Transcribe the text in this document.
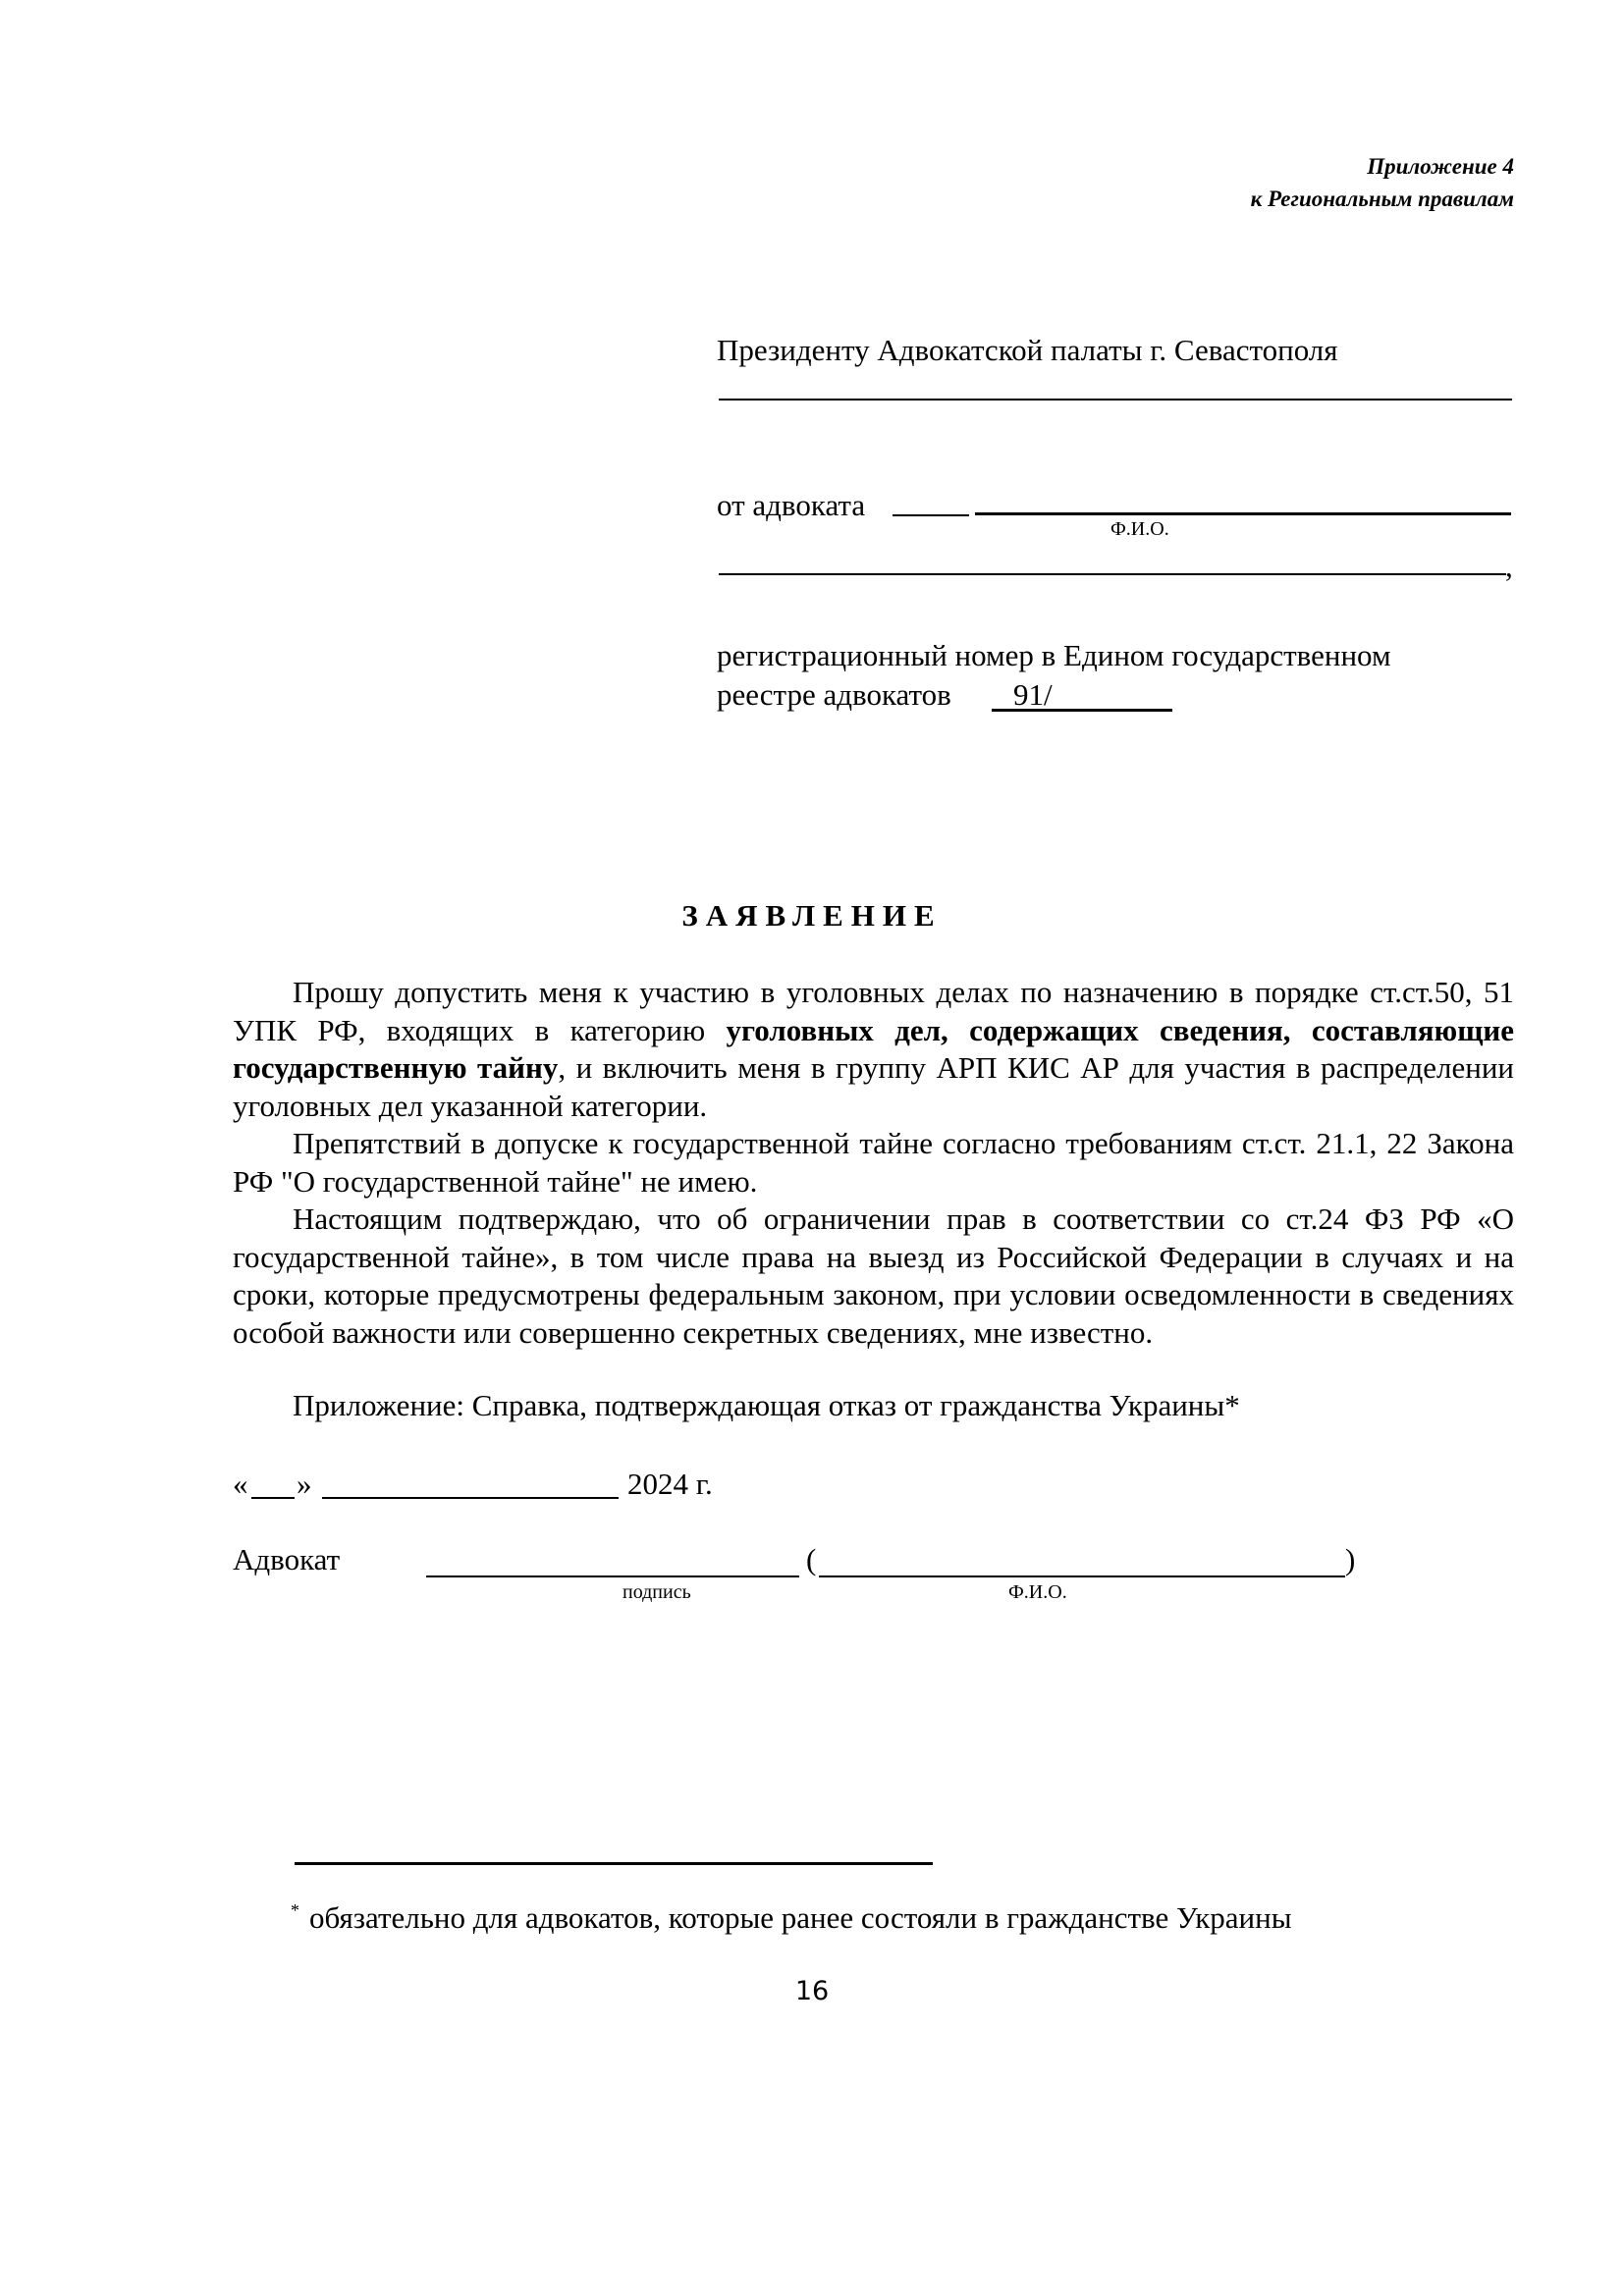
Приложение 4
к Региональным правилам
Президенту Адвокатской палаты г. Севастополя
от адвоката
Ф.И.О.
,
регистрационный номер в Едином государственном
реестре адвокатов 91/
ЗАЯВЛЕНИЕ

Прошу допустить меня к участию в уголовных делах по назначению в порядке ст.ст.50, 51 УПК РФ, входящих в категорию уголовных дел, содержащих сведения, составляющие государственную тайну, и включить меня в группу АРП КИС АР для участия в распределении уголовных дел указанной категории.

Препятствий в допуске к государственной тайне согласно требованиям ст.ст. 21.1, 22 Закона РФ "О государственной тайне" не имею.

Настоящим подтверждаю, что об ограничении прав в соответствии со ст.24 ФЗ РФ «О государственной тайне», в том числе права на выезд из Российской Федерации в случаях и на сроки, которые предусмотрены федеральным законом, при условии осведомленности в сведениях особой важности или совершенно секретных сведениях, мне известно.

Приложение: Справка, подтверждающая отказ от гражданства Украины*
« »	2024 г.
Адвокат	(	)
подпись	Ф.И.О.
* обязательно для адвокатов, которые ранее состояли в гражданстве Украины
16
